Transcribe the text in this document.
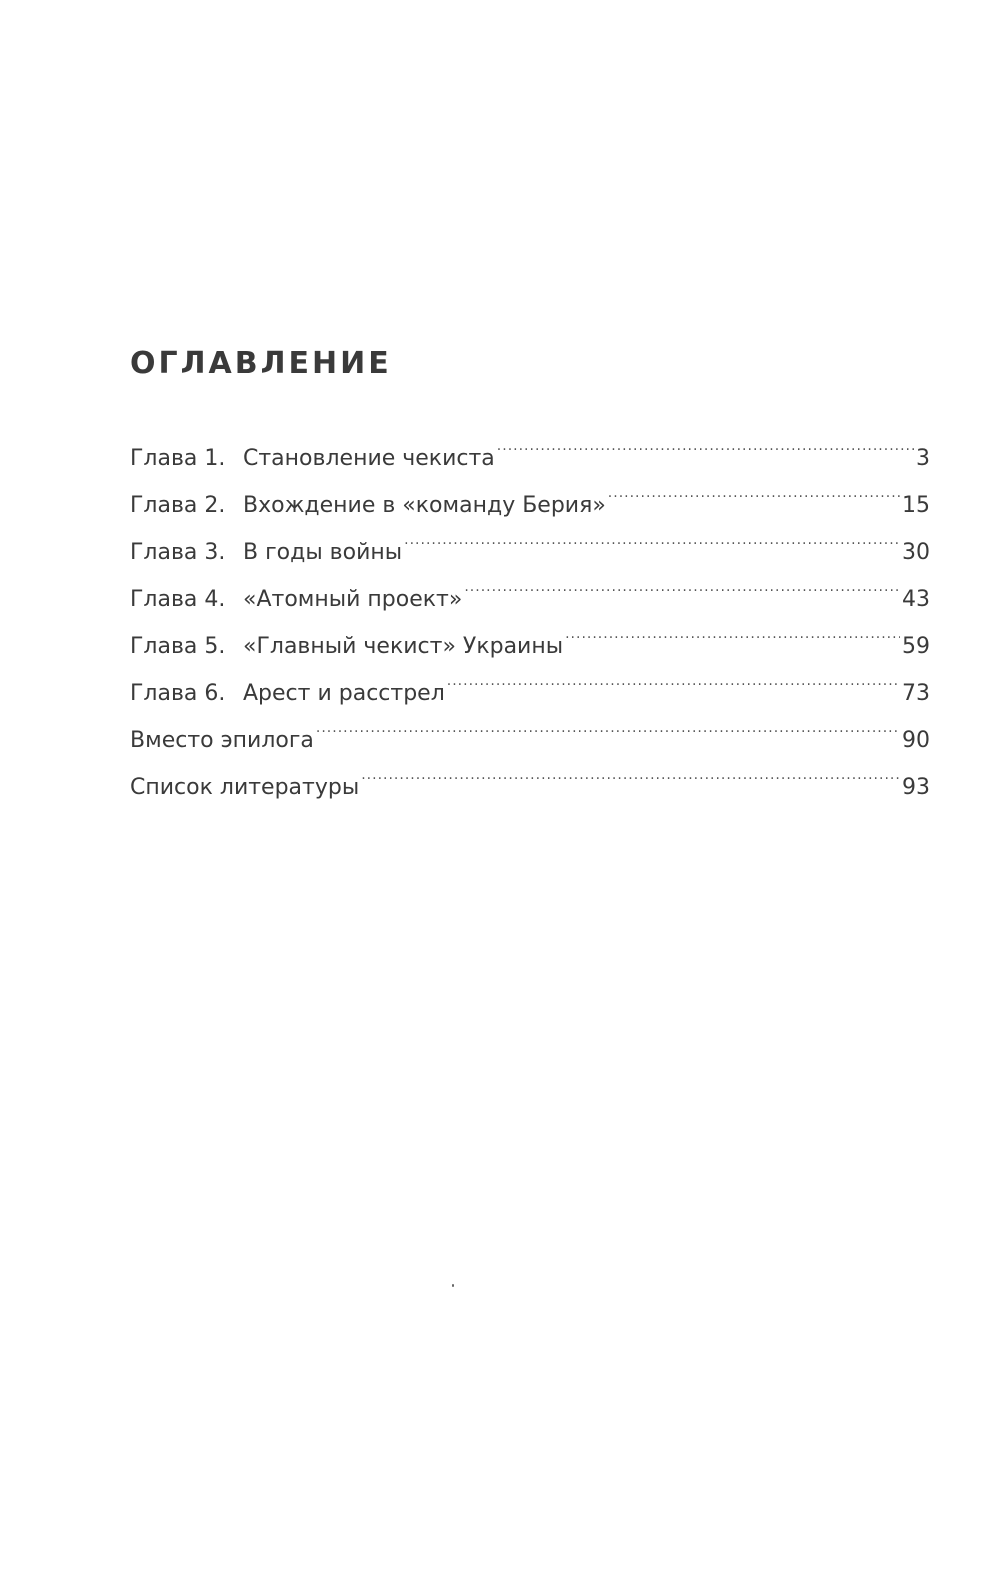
ОГЛАВЛЕНИЕ
Глава 1. Становление чекиста .....	3
Глава 2. Вхождение в «команду Берия» .....	15
Глава 3. В годы войны .....	30
Глава 4. «Атомный проект» .....	43
Глава 5. «Главный чекист» Украины .....	59
Глава 6. Арест и расстрел .....	73
Вместо эпилога .....	90
Список литературы .....	93
